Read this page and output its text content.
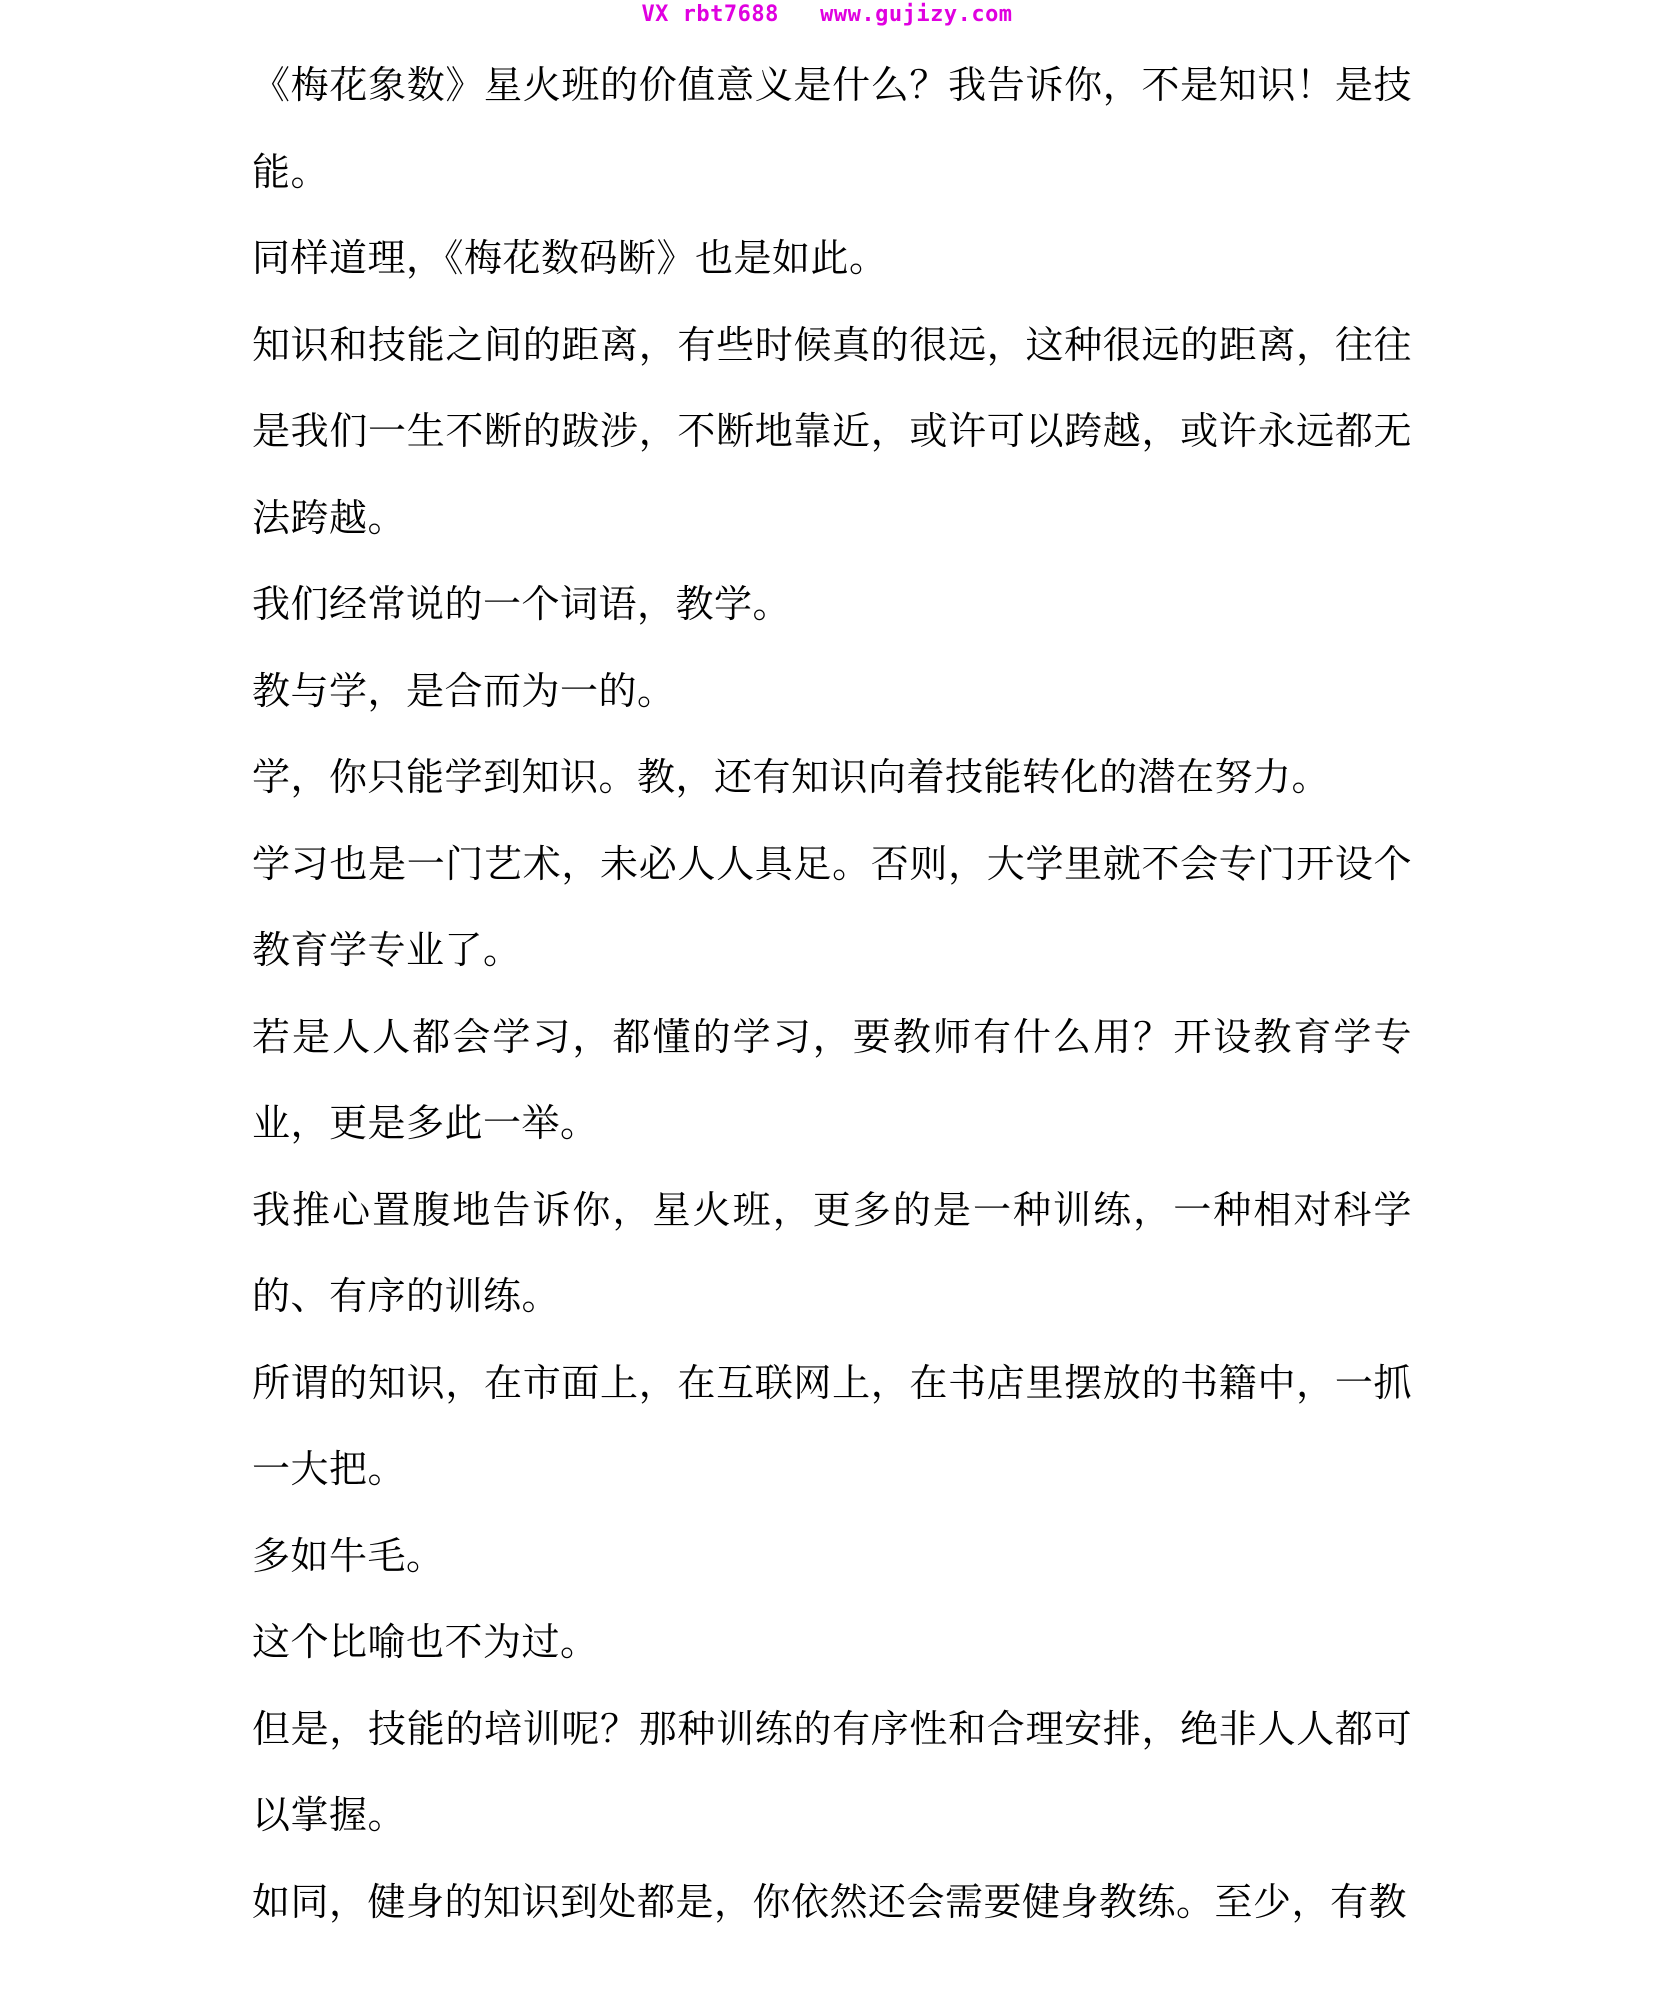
VX rbt7688   www.gujizy.com

《梅花象数》星火班的价值意义是什么？我告诉你，不是知识！是技能。

同样道理，《梅花数码断》也是如此。

知识和技能之间的距离，有些时候真的很远，这种很远的距离，往往是我们一生不断的跋涉，不断地靠近，或许可以跨越，或许永远都无法跨越。

我们经常说的一个词语，教学。

教与学，是合而为一的。

学，你只能学到知识。教，还有知识向着技能转化的潜在努力。

学习也是一门艺术，未必人人具足。否则，大学里就不会专门开设个教育学专业了。

若是人人都会学习，都懂的学习，要教师有什么用？开设教育学专业，更是多此一举。

我推心置腹地告诉你，星火班，更多的是一种训练，一种相对科学的、有序的训练。

所谓的知识，在市面上，在互联网上，在书店里摆放的书籍中，一抓一大把。

多如牛毛。

这个比喻也不为过。

但是，技能的培训呢？那种训练的有序性和合理安排，绝非人人都可以掌握。

如同，健身的知识到处都是，你依然还会需要健身教练。至少，有教
